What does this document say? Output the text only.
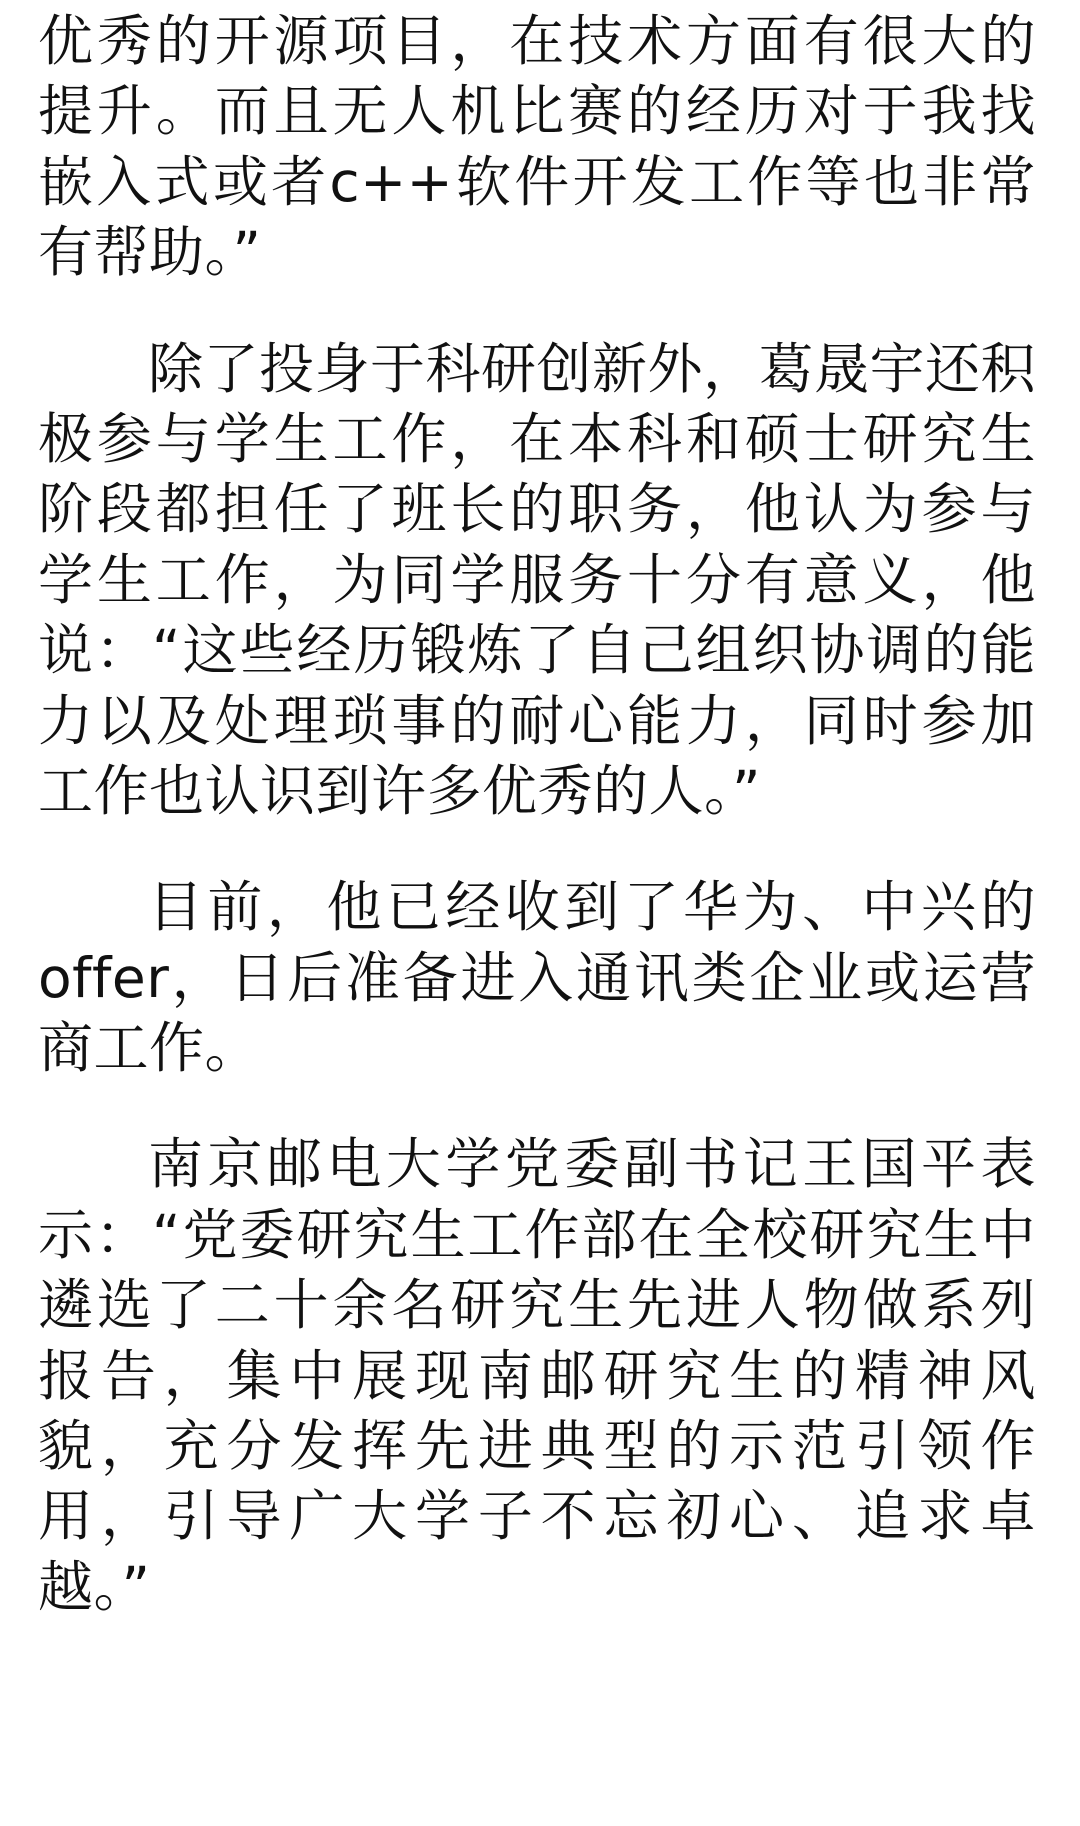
优秀的开源项目，在技术方面有很大的提升。而且无人机比赛的经历对于我找嵌入式或者c++软件开发工作等也非常有帮助。”

除了投身于科研创新外，葛晟宇还积极参与学生工作，在本科和硕士研究生阶段都担任了班长的职务，他认为参与学生工作，为同学服务十分有意义，他说：“这些经历锻炼了自己组织协调的能力以及处理琐事的耐心能力，同时参加工作也认识到许多优秀的人。”

目前，他已经收到了华为、中兴的offer，日后准备进入通讯类企业或运营商工作。

南京邮电大学党委副书记王国平表示：“党委研究生工作部在全校研究生中遴选了二十余名研究生先进人物做系列报告，集中展现南邮研究生的精神风貌，充分发挥先进典型的示范引领作用，引导广大学子不忘初心、追求卓越。”
